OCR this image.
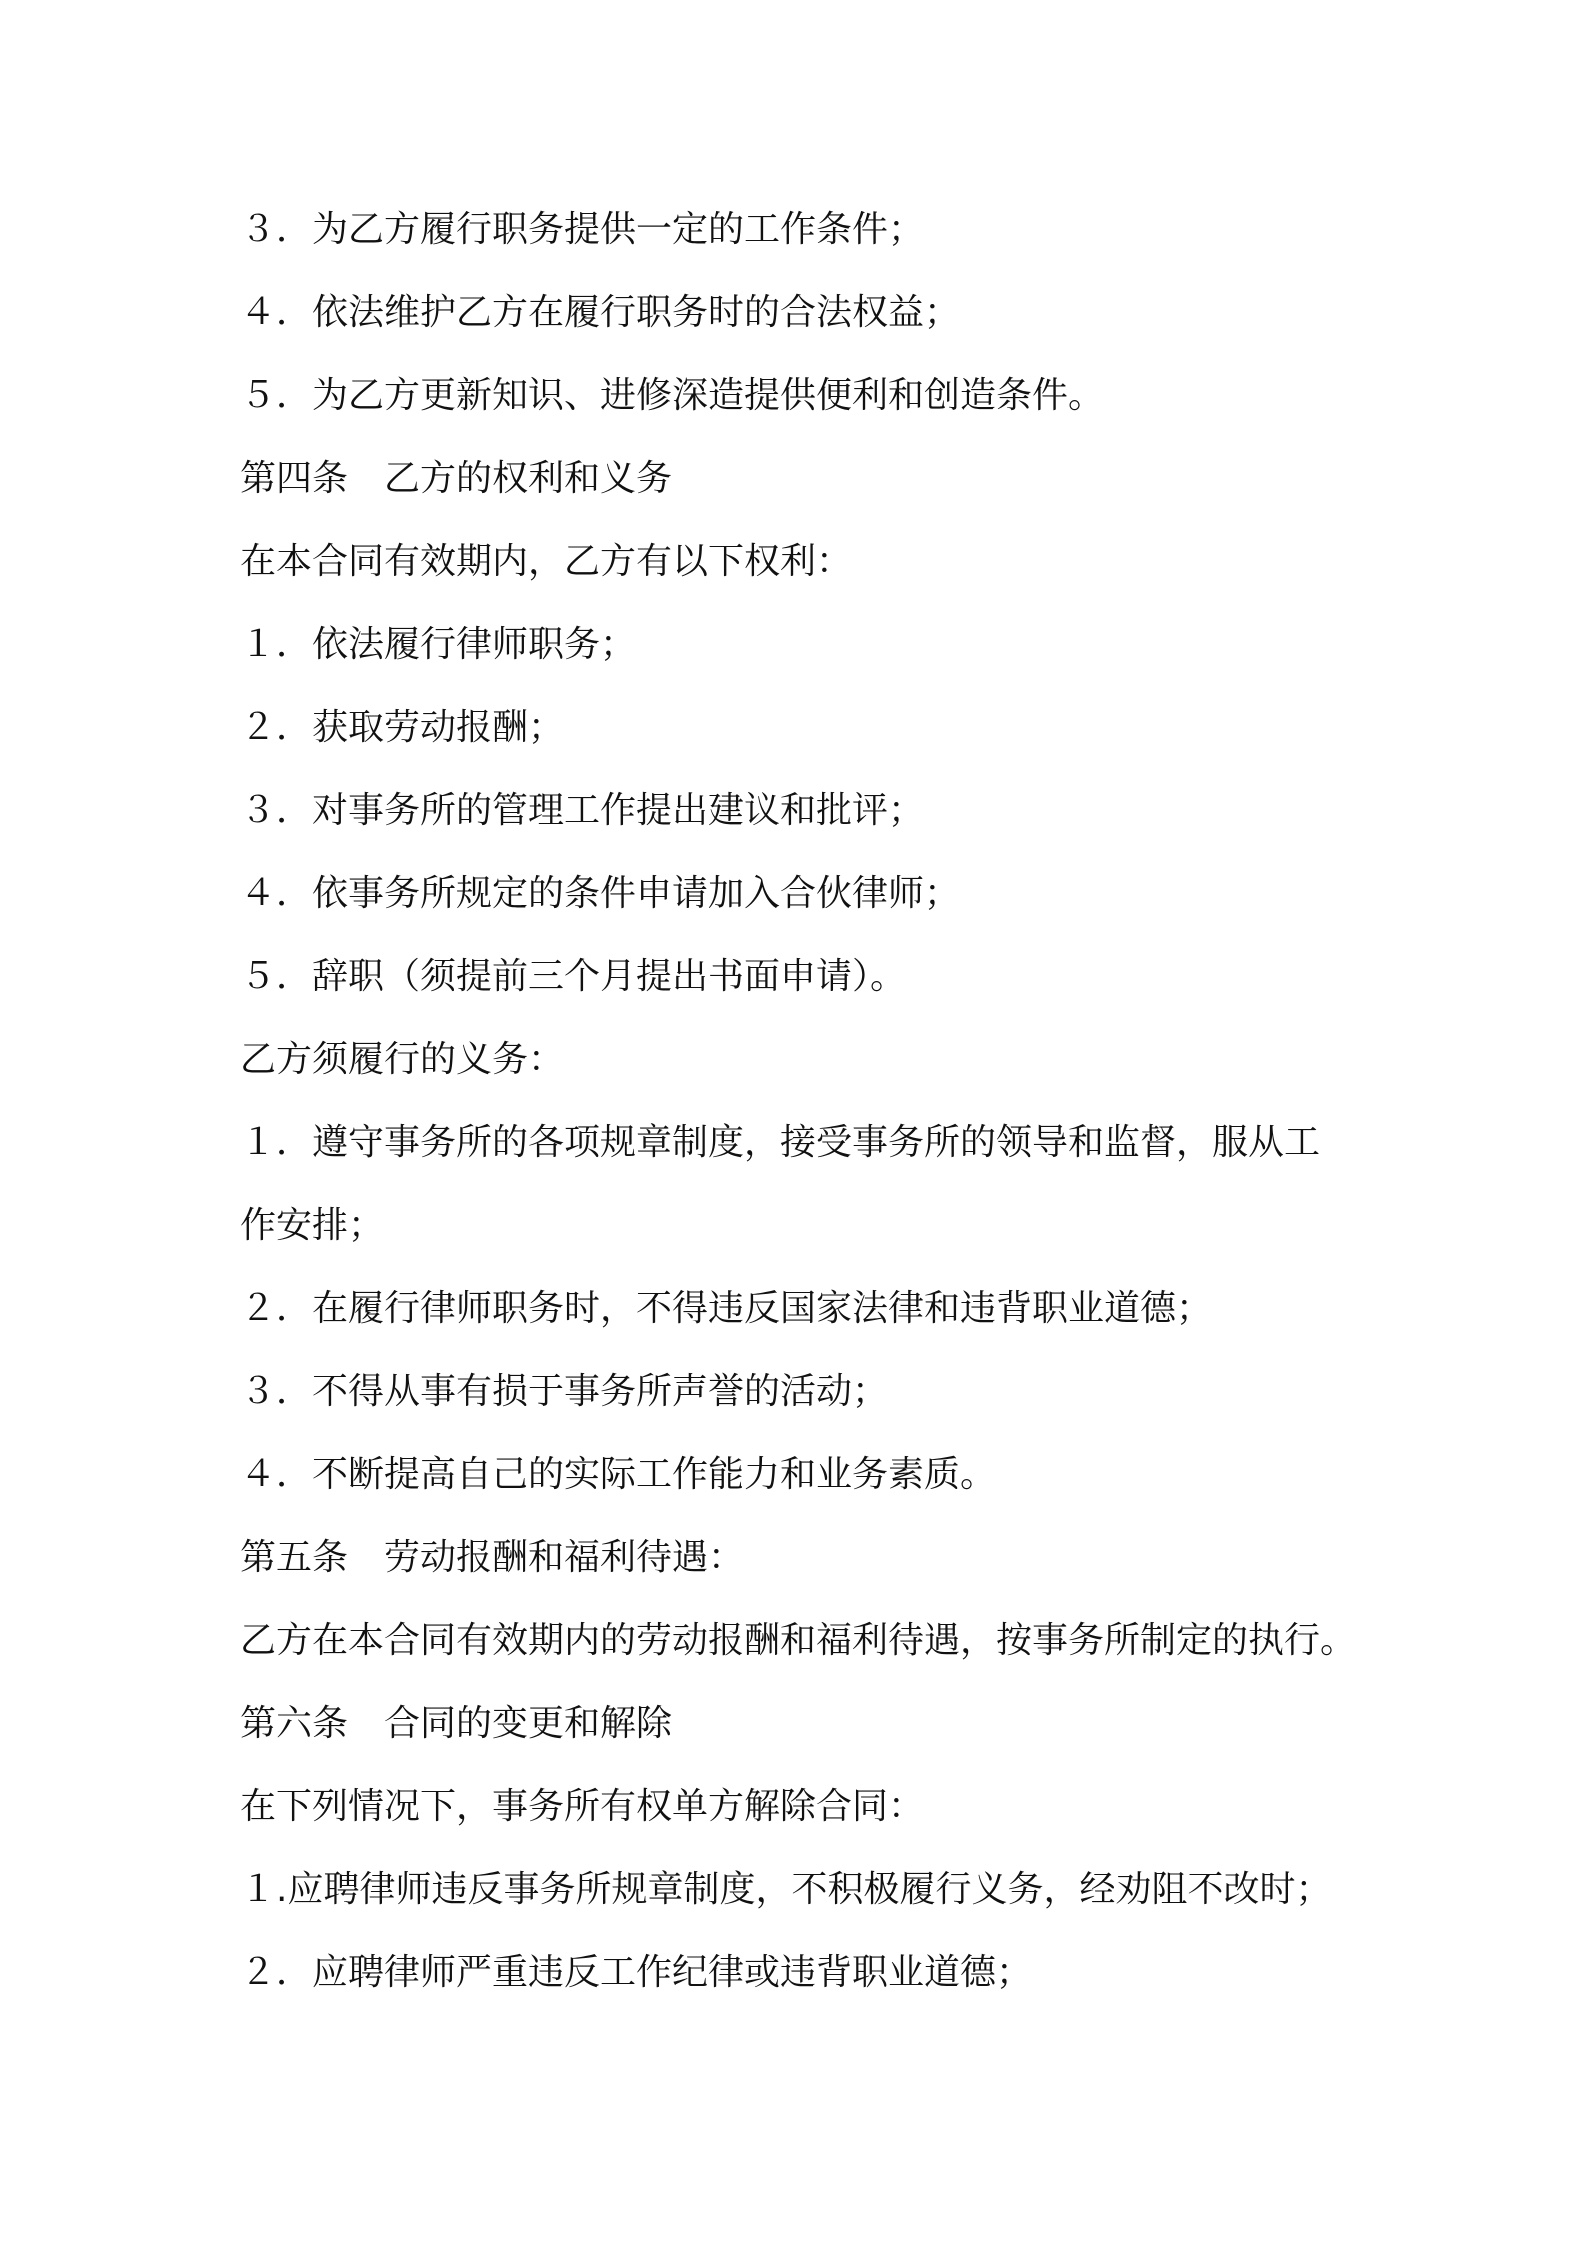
３．为乙方履行职务提供一定的工作条件；
４．依法维护乙方在履行职务时的合法权益；
５．为乙方更新知识、进修深造提供便利和创造条件。
第四条　乙方的权利和义务
在本合同有效期内，乙方有以下权利：
１．依法履行律师职务；
２．获取劳动报酬；
３．对事务所的管理工作提出建议和批评；
４．依事务所规定的条件申请加入合伙律师；
５．辞职（须提前三个月提出书面申请）。
乙方须履行的义务：
１．遵守事务所的各项规章制度，接受事务所的领导和监督，服从工
作安排；
２．在履行律师职务时，不得违反国家法律和违背职业道德；
３．不得从事有损于事务所声誉的活动；
４．不断提高自己的实际工作能力和业务素质。
第五条　劳动报酬和福利待遇：
乙方在本合同有效期内的劳动报酬和福利待遇，按事务所制定的执行。
第六条　合同的变更和解除
在下列情况下，事务所有权单方解除合同：
１.应聘律师违反事务所规章制度，不积极履行义务，经劝阻不改时；
２．应聘律师严重违反工作纪律或违背职业道德；
